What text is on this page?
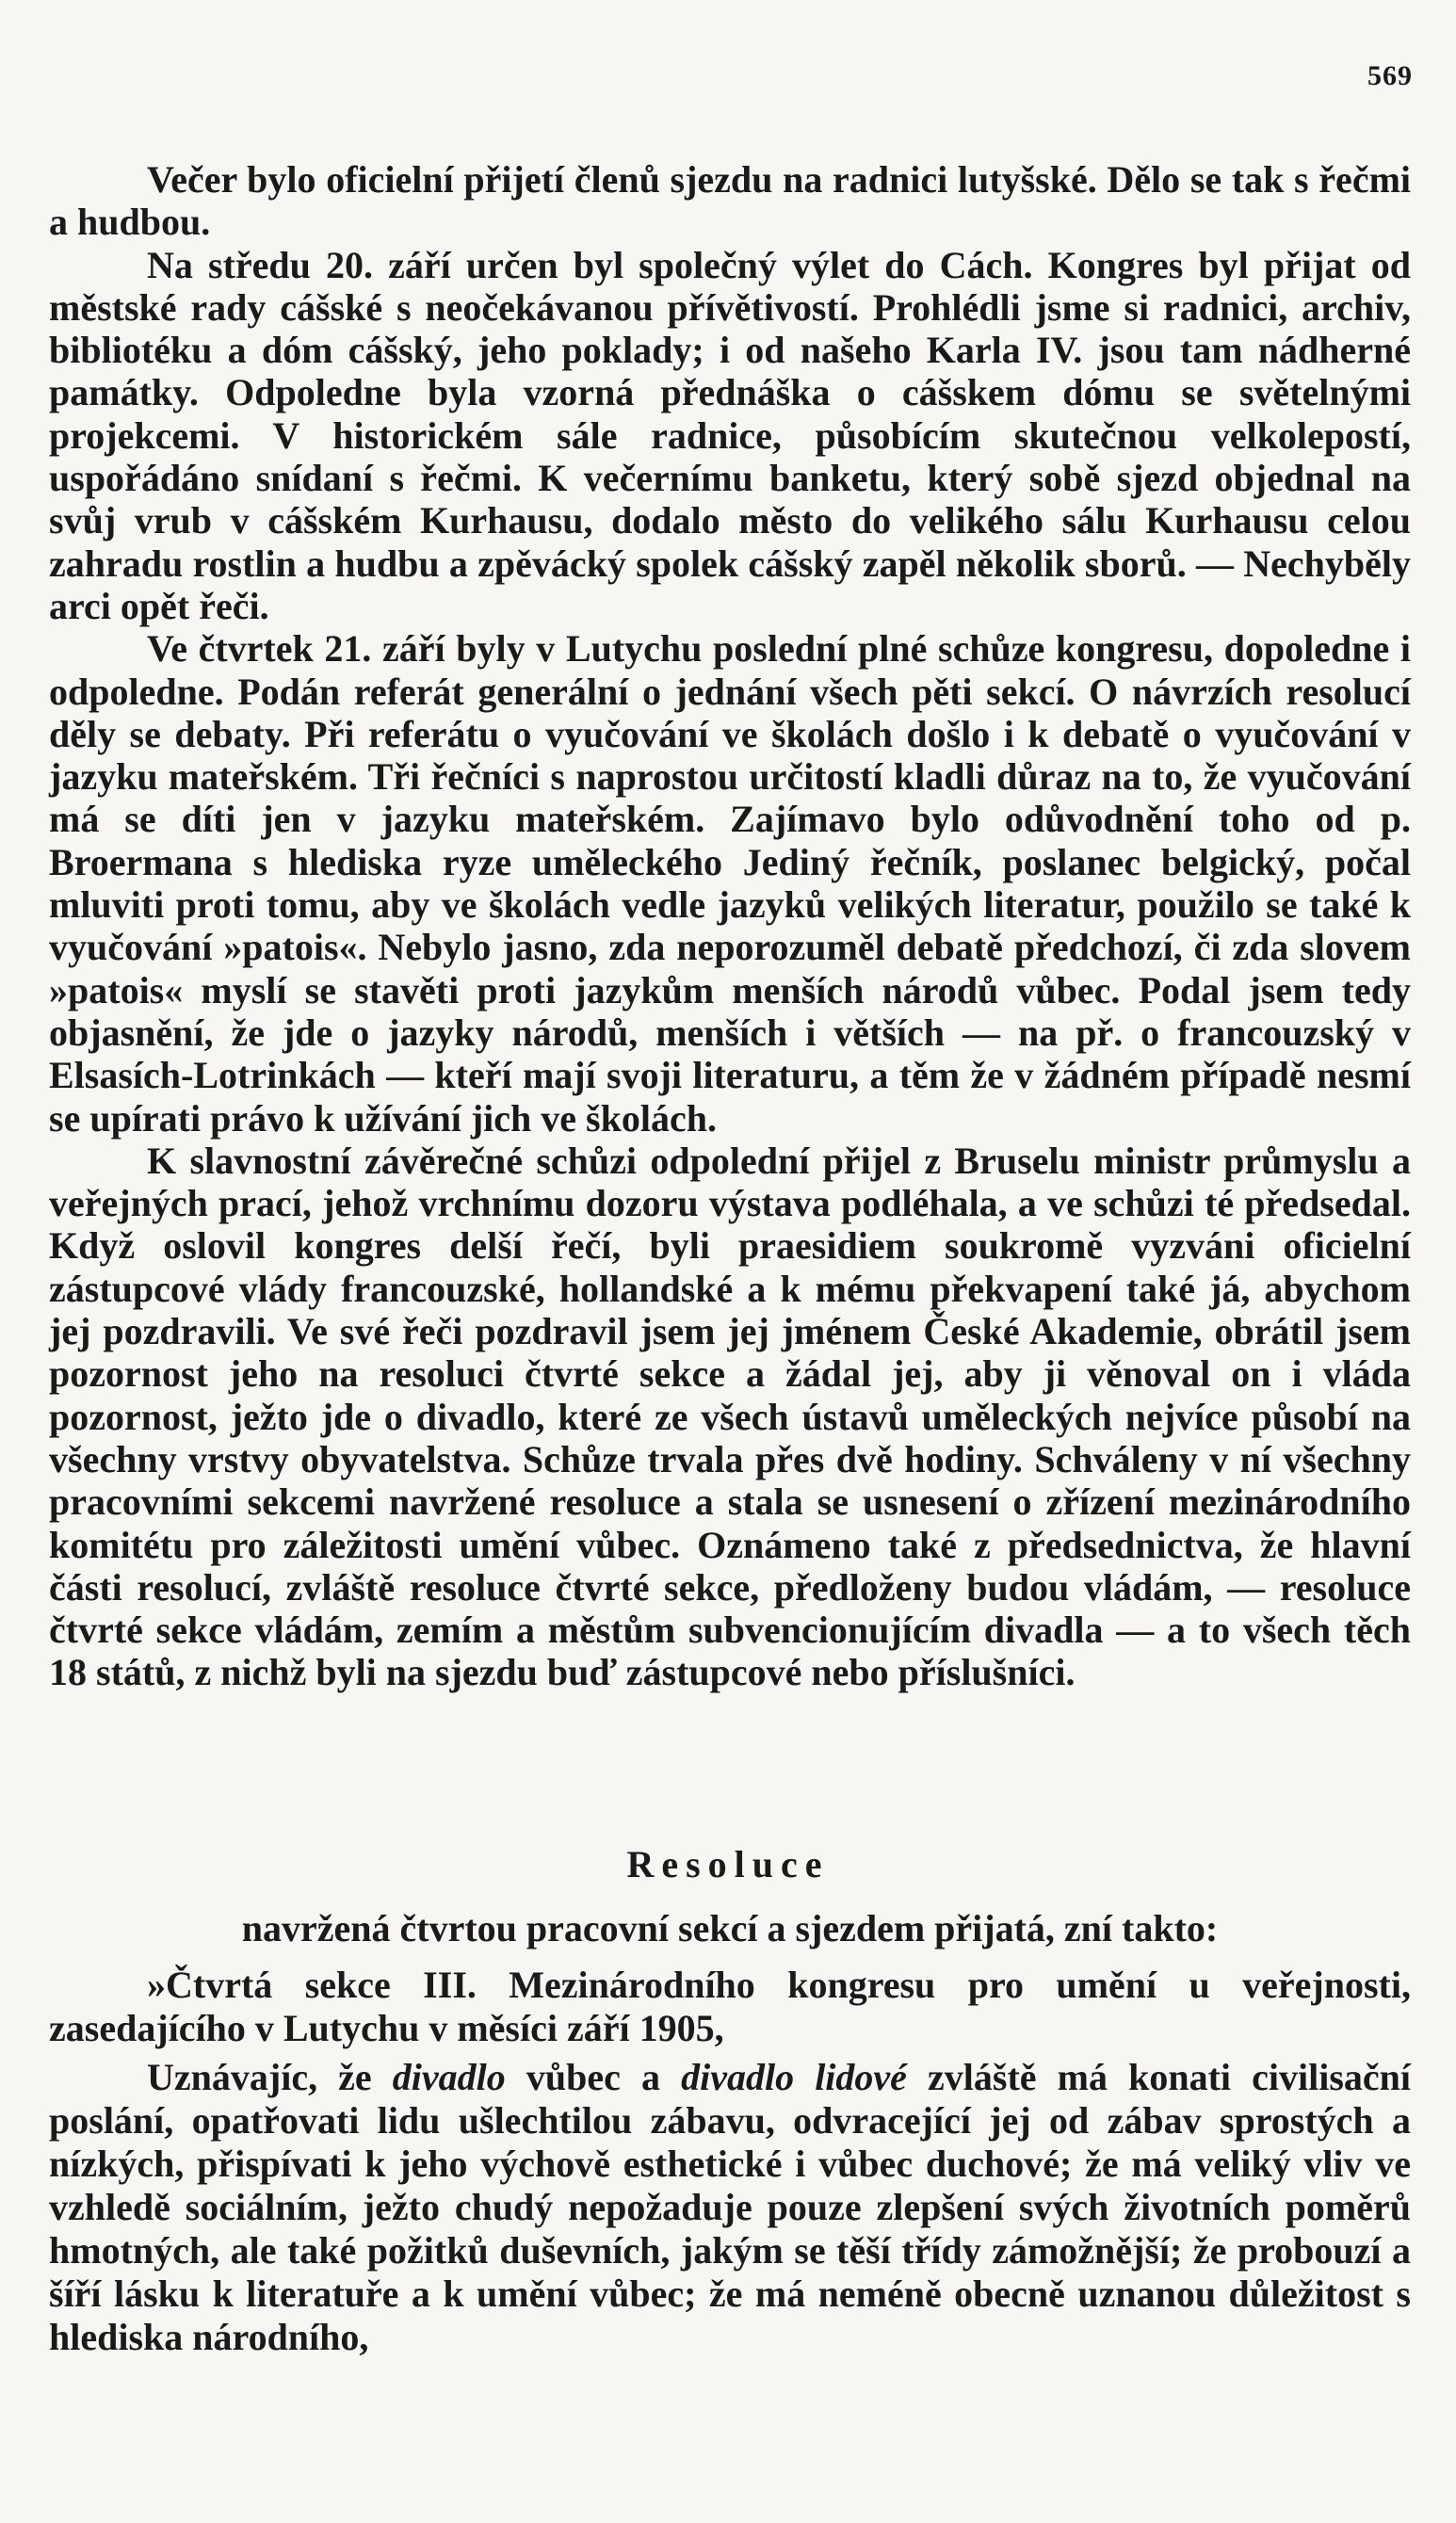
569

Večer bylo oficielní přijetí členů sjezdu na radnici lutyšské. Dělo se tak s řečmi a hudbou.

Na středu 20. září určen byl společný výlet do Cách. Kongres byl přijat od městské rady cášské s neočekávanou přívětivostí. Prohlédli jsme si radnici, archiv, bibliotéku a dóm cášský, jeho poklady; i od našeho Karla IV. jsou tam nádherné památky. Odpoledne byla vzorná přednáška o cášskem dómu se světelnými projekcemi. V historickém sále radnice, působícím skutečnou velkolepostí, uspořádáno snídaní s řečmi. K večernímu banketu, který sobě sjezd objednal na svůj vrub v cášském Kurhausu, dodalo město do velikého sálu Kurhausu celou zahradu rostlin a hudbu a zpěvácký spolek cášský zapěl několik sborů. — Nechyběly arci opět řeči.

Ve čtvrtek 21. září byly v Lutychu poslední plné schůze kongresu, dopoledne i odpoledne. Podán referát generální o jednání všech pěti sekcí. O návrzích resolucí děly se debaty. Při referátu o vyučování ve školách došlo i k debatě o vyučování v jazyku mateřském. Tři řečníci s naprostou určitostí kladli důraz na to, že vyučování má se díti jen v jazyku mateřském. Zajímavo bylo odůvodnění toho od p. Broermana s hlediska ryze uměleckého Jediný řečník, poslanec belgický, počal mluviti proti tomu, aby ve školách vedle jazyků velikých literatur, použilo se také k vyučování »patois«. Nebylo jasno, zda neporozuměl debatě předchozí, či zda slovem »patois« myslí se stavěti proti jazykům menších národů vůbec. Podal jsem tedy objasnění, že jde o jazyky národů, menších i větších — na př. o francouzský v Elsasích-Lotrinkách — kteří mají svoji literaturu, a těm že v žádném případě nesmí se upírati právo k užívání jich ve školách.

K slavnostní závěrečné schůzi odpolední přijel z Bruselu ministr průmyslu a veřejných prací, jehož vrchnímu dozoru výstava podléhala, a ve schůzi té předsedal. Když oslovil kongres delší řečí, byli praesidiem soukromě vyzváni oficielní zástupcové vlády francouzské, hollandské a k mému překvapení také já, abychom jej pozdravili. Ve své řeči pozdravil jsem jej jménem České Akademie, obrátil jsem pozornost jeho na resoluci čtvrté sekce a žádal jej, aby ji věnoval on i vláda pozornost, ježto jde o divadlo, které ze všech ústavů uměleckých nejvíce působí na všechny vrstvy obyvatelstva. Schůze trvala přes dvě hodiny. Schváleny v ní všechny pracovními sekcemi navržené resoluce a stala se usnesení o zřízení mezinárodního komitétu pro záležitosti umění vůbec. Oznámeno také z předsednictva, že hlavní části resolucí, zvláště resoluce čtvrté sekce, předloženy budou vládám, — resoluce čtvrté sekce vládám, zemím a městům subvencionujícím divadla — a to všech těch 18 států, z nichž byli na sjezdu buď zástupcové nebo příslušníci.

Resoluce

navržená čtvrtou pracovní sekcí a sjezdem přijatá, zní takto:

»Čtvrtá sekce III. Mezinárodního kongresu pro umění u veřejnosti, zasedajícího v Lutychu v měsíci září 1905,

Uznávajíc, že divadlo vůbec a divadlo lidové zvláště má konati civilisační poslání, opatřovati lidu ušlechtilou zábavu, odvracející jej od zábav sprostých a nízkých, přispívati k jeho výchově esthetické i vůbec duchové; že má veliký vliv ve vzhledě sociálním, ježto chudý nepožaduje pouze zlepšení svých životních poměrů hmotných, ale také požitků duševních, jakým se těší třídy zámožnější; že probouzí a šíří lásku k literatuře a k umění vůbec; že má neméně obecně uznanou důležitost s hlediska národního,
